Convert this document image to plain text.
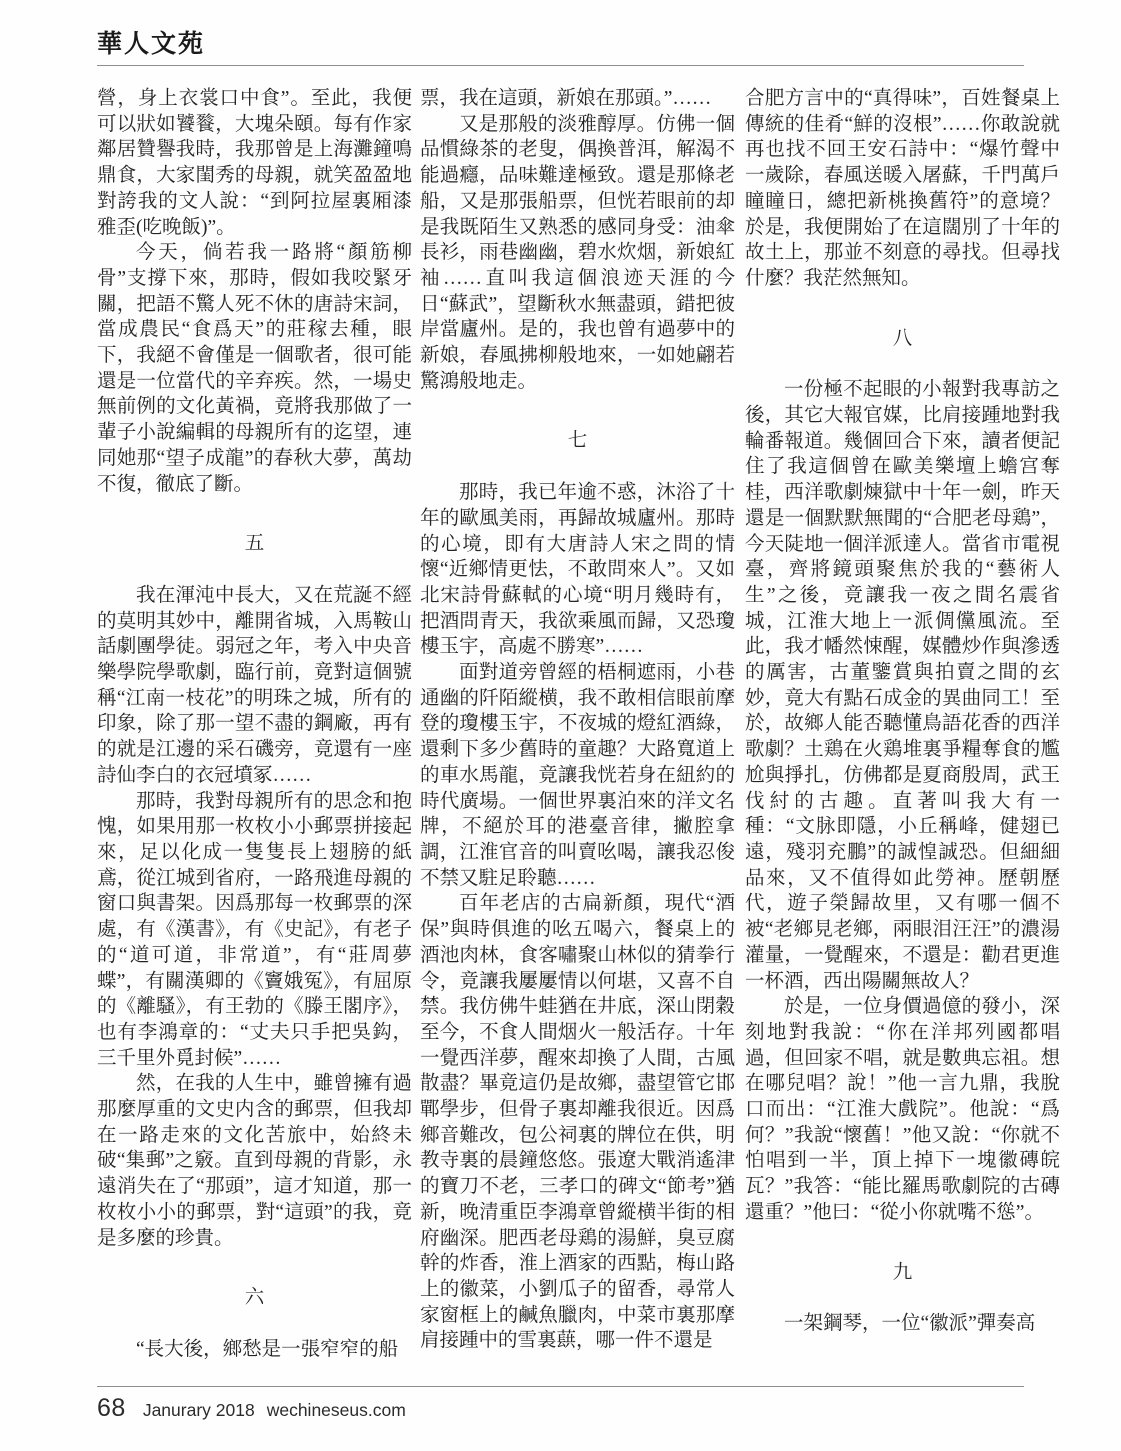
華人文苑

營，身上衣裳口中食”。至此，我便可以狀如饕餮，大塊朵頤。每有作家鄰居贊譽我時，我那曾是上海灘鐘鳴鼎食，大家閨秀的母親，就笑盈盈地對誇我的文人說：“到阿拉屋裏厢漆雅歪(吃晚飯)”。

今天，倘若我一路將“顏筋柳骨”支撐下來，那時，假如我咬緊牙關，把語不驚人死不休的唐詩宋詞，當成農民“食爲天”的莊稼去種，眼下，我絕不會僅是一個歌者，很可能還是一位當代的辛弃疾。然，一場史無前例的文化黃禍，竟將我那做了一輩子小說編輯的母親所有的迄望，連同她那“望子成龍”的春秋大夢，萬劫不復，徹底了斷。

五

我在渾沌中長大，又在荒誕不經的莫明其妙中，離開省城，入馬鞍山話劇團學徒。弱冠之年，考入中央音樂學院學歌劇，臨行前，竟對這個號稱“江南一枝花”的明珠之城，所有的印象，除了那一望不盡的鋼廠，再有的就是江邊的采石磯旁，竟還有一座詩仙李白的衣冠墳冢……

那時，我對母親所有的思念和抱愧，如果用那一枚枚小小郵票拼接起來，足以化成一隻隻長上翅膀的紙鳶，從江城到省府，一路飛進母親的窗口與書架。因爲那每一枚郵票的深處，有《漢書》，有《史記》，有老子的“道可道，非常道”，有“莊周夢蝶”，有關漢卿的《竇娥冤》，有屈原的《離騷》，有王勃的《滕王閣序》，也有李鴻章的：“丈夫只手把吳鈎，三千里外覓封候”……

然，在我的人生中，雖曾擁有過那麼厚重的文史内含的郵票，但我却在一路走來的文化苦旅中，始終未破“集郵”之竅。直到母親的背影，永遠消失在了“那頭”，這才知道，那一枚枚小小的郵票，對“這頭”的我，竟是多麼的珍貴。

六

“長大後，鄉愁是一張窄窄的船

票，我在這頭，新娘在那頭。”……

又是那般的淡雅醇厚。仿佛一個品慣綠茶的老叟，偶換普洱，解渴不能過癮，品味難達極致。還是那條老船，又是那張船票，但恍若眼前的却是我既陌生又熟悉的感同身受：油傘長衫，雨巷幽幽，碧水炊烟，新娘紅袖……直叫我這個浪迹天涯的今日“蘇武”，望斷秋水無盡頭，錯把彼岸當廬州。是的，我也曾有過夢中的新娘，春風拂柳般地來，一如她翩若驚鴻般地走。

七

那時，我已年逾不惑，沐浴了十年的歐風美雨，再歸故城廬州。那時的心境，即有大唐詩人宋之問的情懷“近鄉情更怯，不敢問來人”。又如北宋詩骨蘇軾的心境“明月幾時有，把酒問青天，我欲乘風而歸，又恐瓊樓玉宇，高處不勝寒”……

面對道旁曾經的梧桐遮雨，小巷通幽的阡陌縱横，我不敢相信眼前摩登的瓊樓玉宇，不夜城的燈紅酒綠，還剩下多少舊時的童趣？大路寬道上的車水馬龍，竟讓我恍若身在紐約的時代廣場。一個世界裏泊來的洋文名牌，不絕於耳的港臺音律，撇腔拿調，江淮官音的叫賣吆喝，讓我忍俊不禁又駐足聆聽……

百年老店的古扁新顏，現代“酒保”與時俱進的吆五喝六，餐桌上的酒池肉林，食客嘯聚山林似的猜拳行令，竟讓我屢屢情以何堪，又喜不自禁。我仿佛牛蛙猶在井底，深山閉穀至今，不食人間烟火一般活存。十年一覺西洋夢，醒來却換了人間，古風散盡？畢竟這仍是故鄉，盡望管它邯鄲學步，但骨子裏却離我很近。因爲鄉音難改，包公祠裏的牌位在供，明教寺裏的晨鐘悠悠。張遼大戰消遙津的寶刀不老，三孝口的碑文“節考”猶新，晚清重臣李鴻章曾縱横半街的相府幽深。肥西老母鶏的湯鮮，臭豆腐幹的炸香，淮上酒家的西點，梅山路上的徽菜，小劉瓜子的留香，尋常人家窗框上的鹹魚臘肉，中菜市裏那摩肩接踵中的雪裏蕻，哪一件不還是

合肥方言中的“真得味”，百姓餐桌上傳統的佳肴“鮮的沒根”……你敢說就再也找不回王安石詩中：“爆竹聲中一歲除，春風送暖入屠蘇，千門萬戶瞳瞳日，總把新桃換舊符”的意境？於是，我便開始了在這闊別了十年的故土上，那並不刻意的尋找。但尋找什麼？我茫然無知。

八

一份極不起眼的小報對我專訪之後，其它大報官媒，比肩接踵地對我輪番報道。幾個回合下來，讀者便記住了我這個曾在歐美樂壇上蟾宫奪桂，西洋歌劇煉獄中十年一劍，昨天還是一個默默無聞的“合肥老母鶏”，今天陡地一個洋派達人。當省市電視臺，齊將鏡頭聚焦於我的“藝術人生”之後，竟讓我一夜之間名震省城，江淮大地上一派倜儻風流。至此，我才幡然悚醒，媒體炒作與滲透的厲害，古董鑒賞與拍賣之間的玄妙，竟大有點石成金的異曲同工！至於，故鄉人能否聽懂鳥語花香的西洋歌劇？土鶏在火鶏堆裏爭糧奪食的尷尬與掙扎，仿佛都是夏商殷周，武王伐紂的古趣。直著叫我大有一種：“文脉即隱，小丘稱峰，健翅已遠，殘羽充鵬”的誠惶誠恐。但細細品來，又不值得如此勞神。歷朝歷代，遊子榮歸故里，又有哪一個不被“老鄉見老鄉，兩眼泪汪汪”的濃湯灌量，一覺醒來，不還是：勸君更進一杯酒，西出陽關無故人？

於是，一位身價過億的發小，深刻地對我說：“你在洋邦列國都唱過，但回家不唱，就是數典忘祖。想在哪兒唱？說！”他一言九鼎，我脫口而出：“江淮大戲院”。他說：“爲何？”我說“懷舊！”他又說：“你就不怕唱到一半，頂上掉下一塊徽磚皖瓦？”我答：“能比羅馬歌劇院的古磚還重？”他曰：“從小你就嘴不慫”。

九

一架鋼琴，一位“徽派”彈奏高

68 Janurary 2018 wechineseus.com
